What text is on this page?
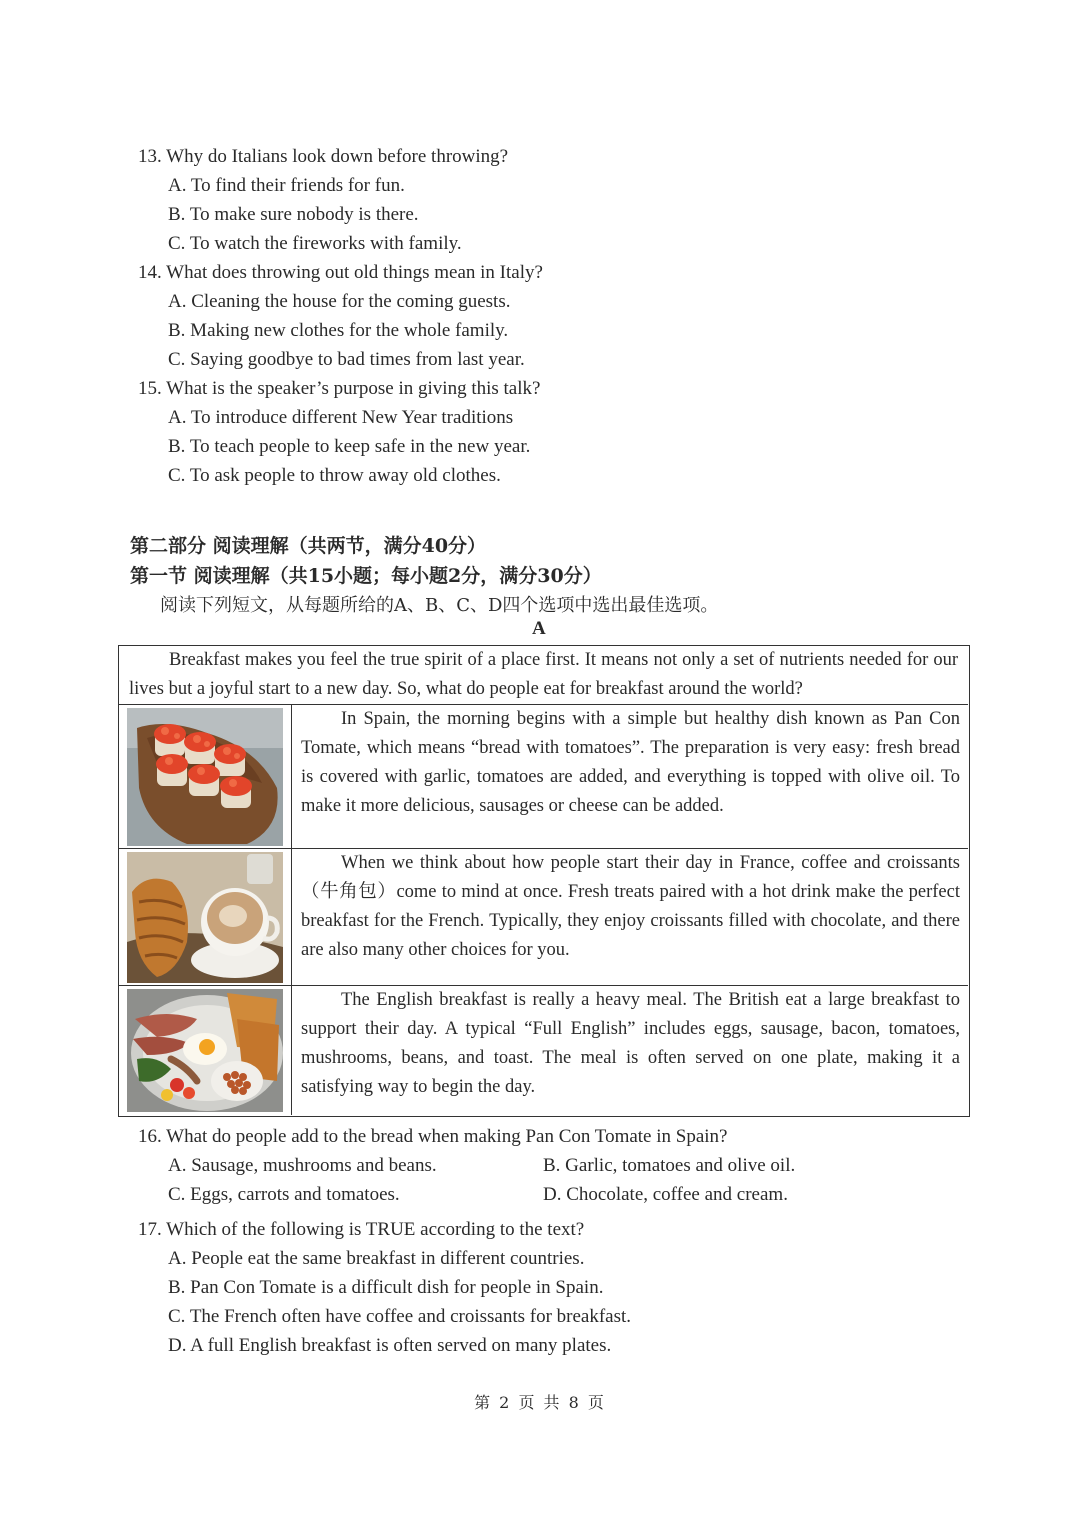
13. Why do Italians look down before throwing?
A. To find their friends for fun.
B. To make sure nobody is there.
C. To watch the fireworks with family.
14. What does throwing out old things mean in Italy?
A. Cleaning the house for the coming guests.
B. Making new clothes for the whole family.
C. Saying goodbye to bad times from last year.
15. What is the speaker’s purpose in giving this talk?
A. To introduce different New Year traditions
B. To teach people to keep safe in the new year.
C. To ask people to throw away old clothes.
第二部分 阅读理解（共两节，满分40分）
第一节 阅读理解（共15小题；每小题2分，满分30分）
阅读下列短文，从每题所给的A、B、C、D四个选项中选出最佳选项。
A
Breakfast makes you feel the true spirit of a place first. It means not only a set of nutrients needed for our lives but a joyful start to a new day. So, what do people eat for breakfast around the world?
In Spain, the morning begins with a simple but healthy dish known as Pan Con Tomate, which means “bread with tomatoes”. The preparation is very easy: fresh bread is covered with garlic, tomatoes are added, and everything is topped with olive oil. To make it more delicious, sausages or cheese can be added.
When we think about how people start their day in France, coffee and croissants（牛角包）come to mind at once. Fresh treats paired with a hot drink make the perfect breakfast for the French. Typically, they enjoy croissants filled with chocolate, and there are also many other choices for you.
The English breakfast is really a heavy meal. The British eat a large breakfast to support their day. A typical “Full English” includes eggs, sausage, bacon, tomatoes, mushrooms, beans, and toast. The meal is often served on one plate, making it a satisfying way to begin the day.
16. What do people add to the bread when making Pan Con Tomate in Spain?
A. Sausage, mushrooms and beans.	B. Garlic, tomatoes and olive oil.
C. Eggs, carrots and tomatoes.	D. Chocolate, coffee and cream.
17. Which of the following is TRUE according to the text?
A. People eat the same breakfast in different countries.
B. Pan Con Tomate is a difficult dish for people in Spain.
C. The French often have coffee and croissants for breakfast.
D. A full English breakfast is often served on many plates.
第 2 页 共 8 页
